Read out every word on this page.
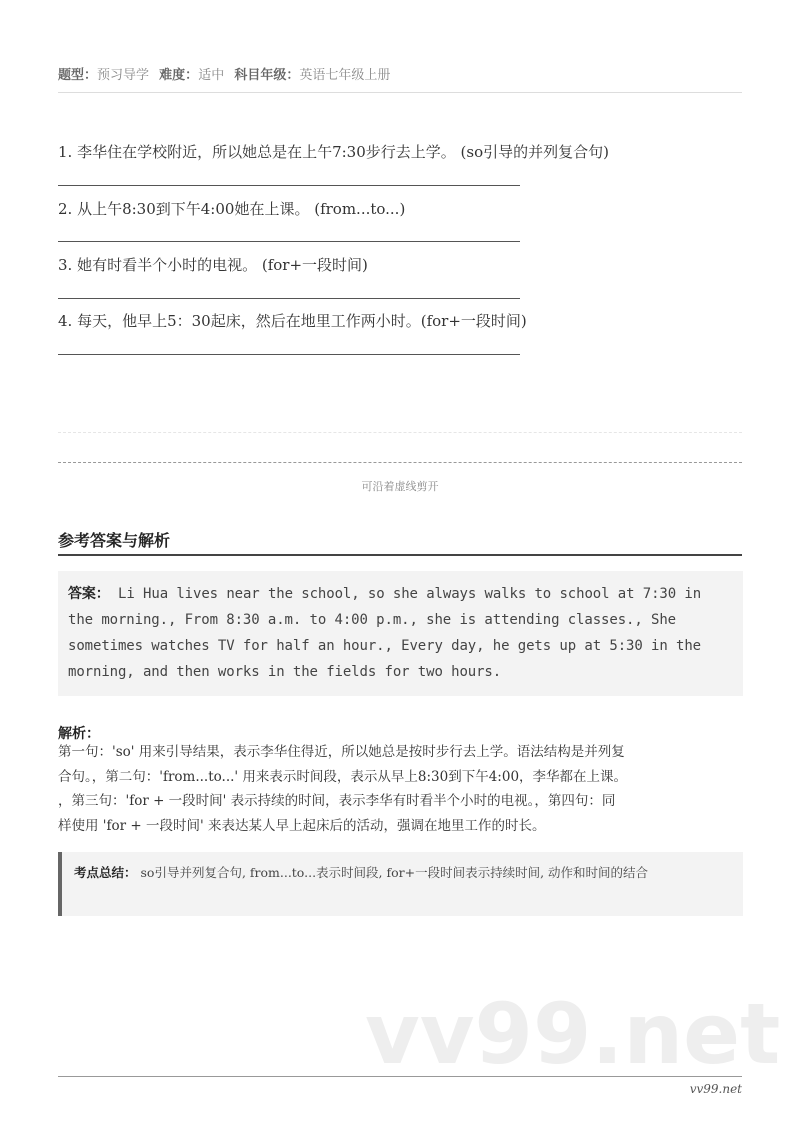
题型：预习导学 难度：适中 科目年级：英语七年级上册
1. 李华住在学校附近，所以她总是在上午7:30步行去上学。 (so引导的并列复合句)
2. 从上午8:30到下午4:00她在上课。 (from...to...)
3. 她有时看半个小时的电视。 (for+一段时间)
4. 每天，他早上5：30起床，然后在地里工作两小时。(for+一段时间)
可沿着虚线剪开
参考答案与解析
答案： Li Hua lives near the school, so she always walks to school at 7:30 in the morning., From 8:30 a.m. to 4:00 p.m., she is attending classes., She sometimes watches TV for half an hour., Every day, he gets up at 5:30 in the morning, and then works in the fields for two hours.
解析：
第一句：'so' 用来引导结果，表示李华住得近，所以她总是按时步行去上学。语法结构是并列复
合句。，第二句：'from...to...' 用来表示时间段，表示从早上8:30到下午4:00，李华都在上课。
，第三句：'for + 一段时间' 表示持续的时间，表示李华有时看半个小时的电视。，第四句：同
样使用 'for + 一段时间' 来表达某人早上起床后的活动，强调在地里工作的时长。
考点总结： so引导并列复合句, from...to...表示时间段, for+一段时间表示持续时间, 动作和时间的结合
vv99.net
vv99.net
